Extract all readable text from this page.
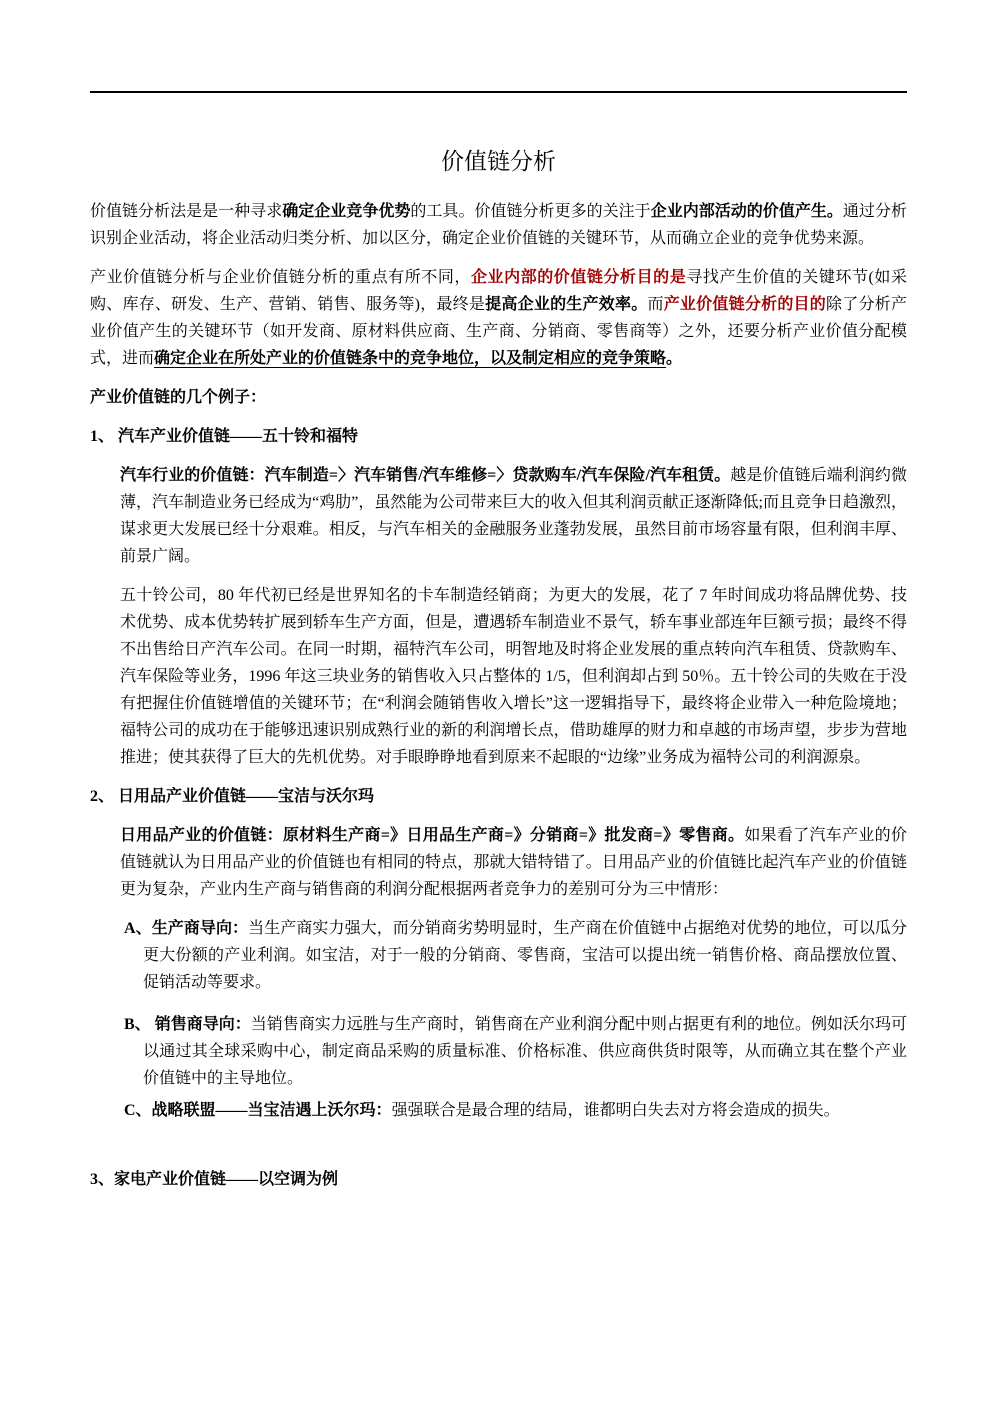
价值链分析

价值链分析法是是一种寻求确定企业竞争优势的工具。价值链分析更多的关注于企业内部活动的价值产生。通过分析识别企业活动，将企业活动归类分析、加以区分，确定企业价值链的关键环节，从而确立企业的竞争优势来源。

产业价值链分析与企业价值链分析的重点有所不同，企业内部的价值链分析目的是寻找产生价值的关键环节(如采购、库存、研发、生产、营销、销售、服务等)，最终是提高企业的生产效率。而产业价值链分析的目的除了分析产业价值产生的关键环节（如开发商、原材料供应商、生产商、分销商、零售商等）之外，还要分析产业价值分配模式，进而确定企业在所处产业的价值链条中的竞争地位，以及制定相应的竞争策略。

产业价值链的几个例子：

1、 汽车产业价值链——五十铃和福特

汽车行业的价值链：汽车制造=〉汽车销售/汽车维修=〉贷款购车/汽车保险/汽车租赁。越是价值链后端利润约微薄，汽车制造业务已经成为“鸡肋”，虽然能为公司带来巨大的收入但其利润贡献正逐渐降低;而且竞争日趋激烈，谋求更大发展已经十分艰难。相反，与汽车相关的金融服务业蓬勃发展，虽然目前市场容量有限，但利润丰厚、前景广阔。

五十铃公司，80 年代初已经是世界知名的卡车制造经销商；为更大的发展，花了 7 年时间成功将品牌优势、技术优势、成本优势转扩展到轿车生产方面，但是，遭遇轿车制造业不景气，轿车事业部连年巨额亏损；最终不得不出售给日产汽车公司。在同一时期，福特汽车公司，明智地及时将企业发展的重点转向汽车租赁、贷款购车、汽车保险等业务，1996 年这三块业务的销售收入只占整体的 1/5，但利润却占到 50％。五十铃公司的失败在于没有把握住价值链增值的关键环节；在“利润会随销售收入增长”这一逻辑指导下，最终将企业带入一种危险境地；福特公司的成功在于能够迅速识别成熟行业的新的利润增长点，借助雄厚的财力和卓越的市场声望，步步为营地推进；使其获得了巨大的先机优势。对手眼睁睁地看到原来不起眼的“边缘”业务成为福特公司的利润源泉。

2、 日用品产业价值链——宝洁与沃尔玛

日用品产业的价值链：原材料生产商=》日用品生产商=》分销商=》批发商=》零售商。如果看了汽车产业的价值链就认为日用品产业的价值链也有相同的特点，那就大错特错了。日用品产业的价值链比起汽车产业的价值链更为复杂，产业内生产商与销售商的利润分配根据两者竞争力的差别可分为三中情形：

A、生产商导向：当生产商实力强大，而分销商劣势明显时，生产商在价值链中占据绝对优势的地位，可以瓜分更大份额的产业利润。如宝洁，对于一般的分销商、零售商，宝洁可以提出统一销售价格、商品摆放位置、促销活动等要求。

B、 销售商导向：当销售商实力远胜与生产商时，销售商在产业利润分配中则占据更有利的地位。例如沃尔玛可以通过其全球采购中心，制定商品采购的质量标准、价格标准、供应商供货时限等，从而确立其在整个产业价值链中的主导地位。

C、战略联盟——当宝洁遇上沃尔玛：强强联合是最合理的结局，谁都明白失去对方将会造成的损失。

3、家电产业价值链——以空调为例
